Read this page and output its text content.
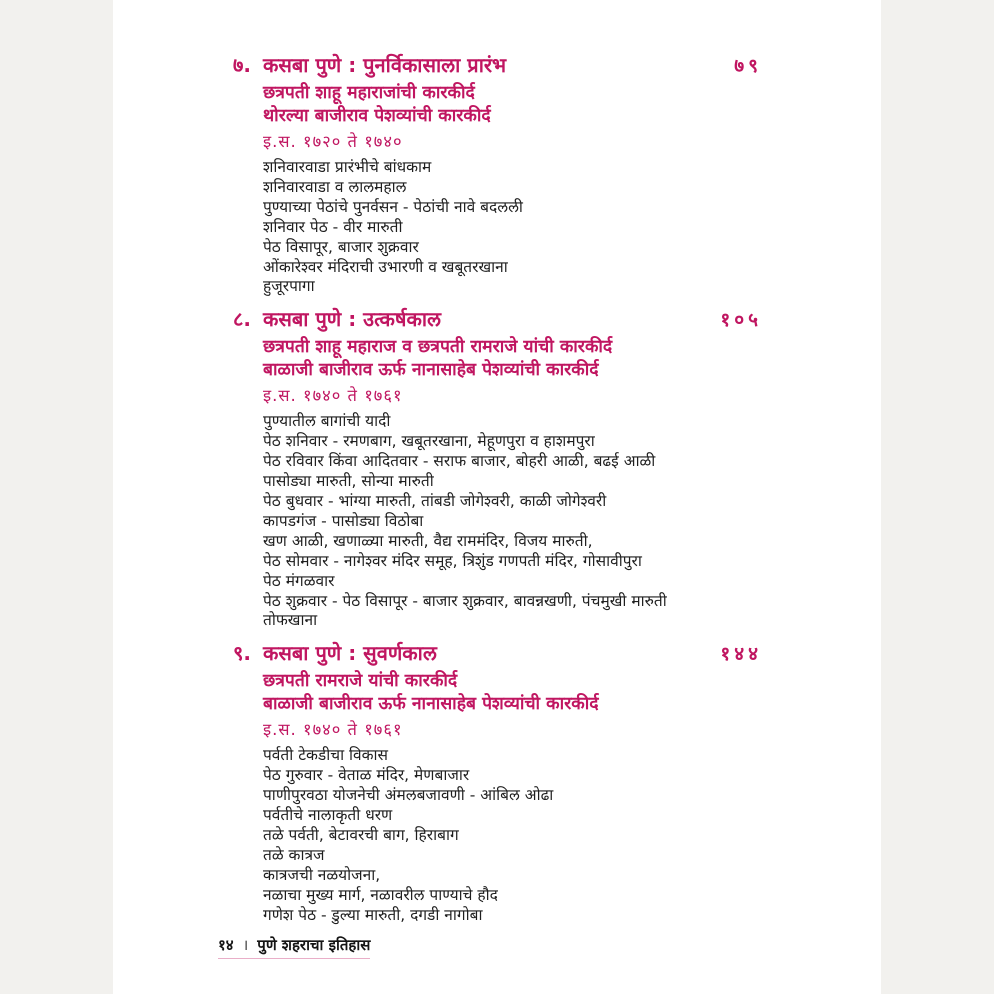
७. कसबा पुणे : पुनर्विकासाला प्रारंभ	७९
छत्रपती शाहू महाराजांची कारकीर्द
थोरल्या बाजीराव पेशव्यांची कारकीर्द
इ.स. १७२० ते १७४०
शनिवारवाडा प्रारंभीचे बांधकाम
शनिवारवाडा व लालमहाल
पुण्याच्या पेठांचे पुनर्वसन - पेठांची नावे बदलली
शनिवार पेठ - वीर मारुती
पेठ विसापूर, बाजार शुक्रवार
ओंकारेश्वर मंदिराची उभारणी व खबूतरखाना
हुजूरपागा
८. कसबा पुणे : उत्कर्षकाल	१०५
छत्रपती शाहू महाराज व छत्रपती रामराजे यांची कारकीर्द
बाळाजी बाजीराव ऊर्फ नानासाहेब पेशव्यांची कारकीर्द
इ.स. १७४० ते १७६१
पुण्यातील बागांची यादी
पेठ शनिवार - रमणबाग, खबूतरखाना, मेहूणपुरा व हाशमपुरा
पेठ रविवार किंवा आदितवार - सराफ बाजार, बोहरी आळी, बढई आळी
पासोड्या मारुती, सोन्या मारुती
पेठ बुधवार - भांग्या मारुती, तांबडी जोगेश्वरी, काळी जोगेश्वरी
कापडगंज - पासोड्या विठोबा
खण आळी, खणाळ्या मारुती, वैद्य राममंदिर, विजय मारुती,
पेठ सोमवार - नागेश्वर मंदिर समूह, त्रिशुंड गणपती मंदिर, गोसावीपुरा
पेठ मंगळवार
पेठ शुक्रवार - पेठ विसापूर - बाजार शुक्रवार, बावन्नखणी, पंचमुखी मारुती
तोफखाना
९. कसबा पुणे : सुवर्णकाल	१४४
छत्रपती रामराजे यांची कारकीर्द
बाळाजी बाजीराव ऊर्फ नानासाहेब पेशव्यांची कारकीर्द
इ.स. १७४० ते १७६१
पर्वती टेकडीचा विकास
पेठ गुरुवार - वेताळ मंदिर, मेणबाजार
पाणीपुरवठा योजनेची अंमलबजावणी - आंबिल ओढा
पर्वतीचे नालाकृती धरण
तळे पर्वती, बेटावरची बाग, हिराबाग
तळे कात्रज
कात्रजची नळयोजना,
नळाचा मुख्य मार्ग, नळावरील पाण्याचे हौद
गणेश पेठ - डुल्या मारुती, दगडी नागोबा
१४ । पुणे शहराचा इतिहास
